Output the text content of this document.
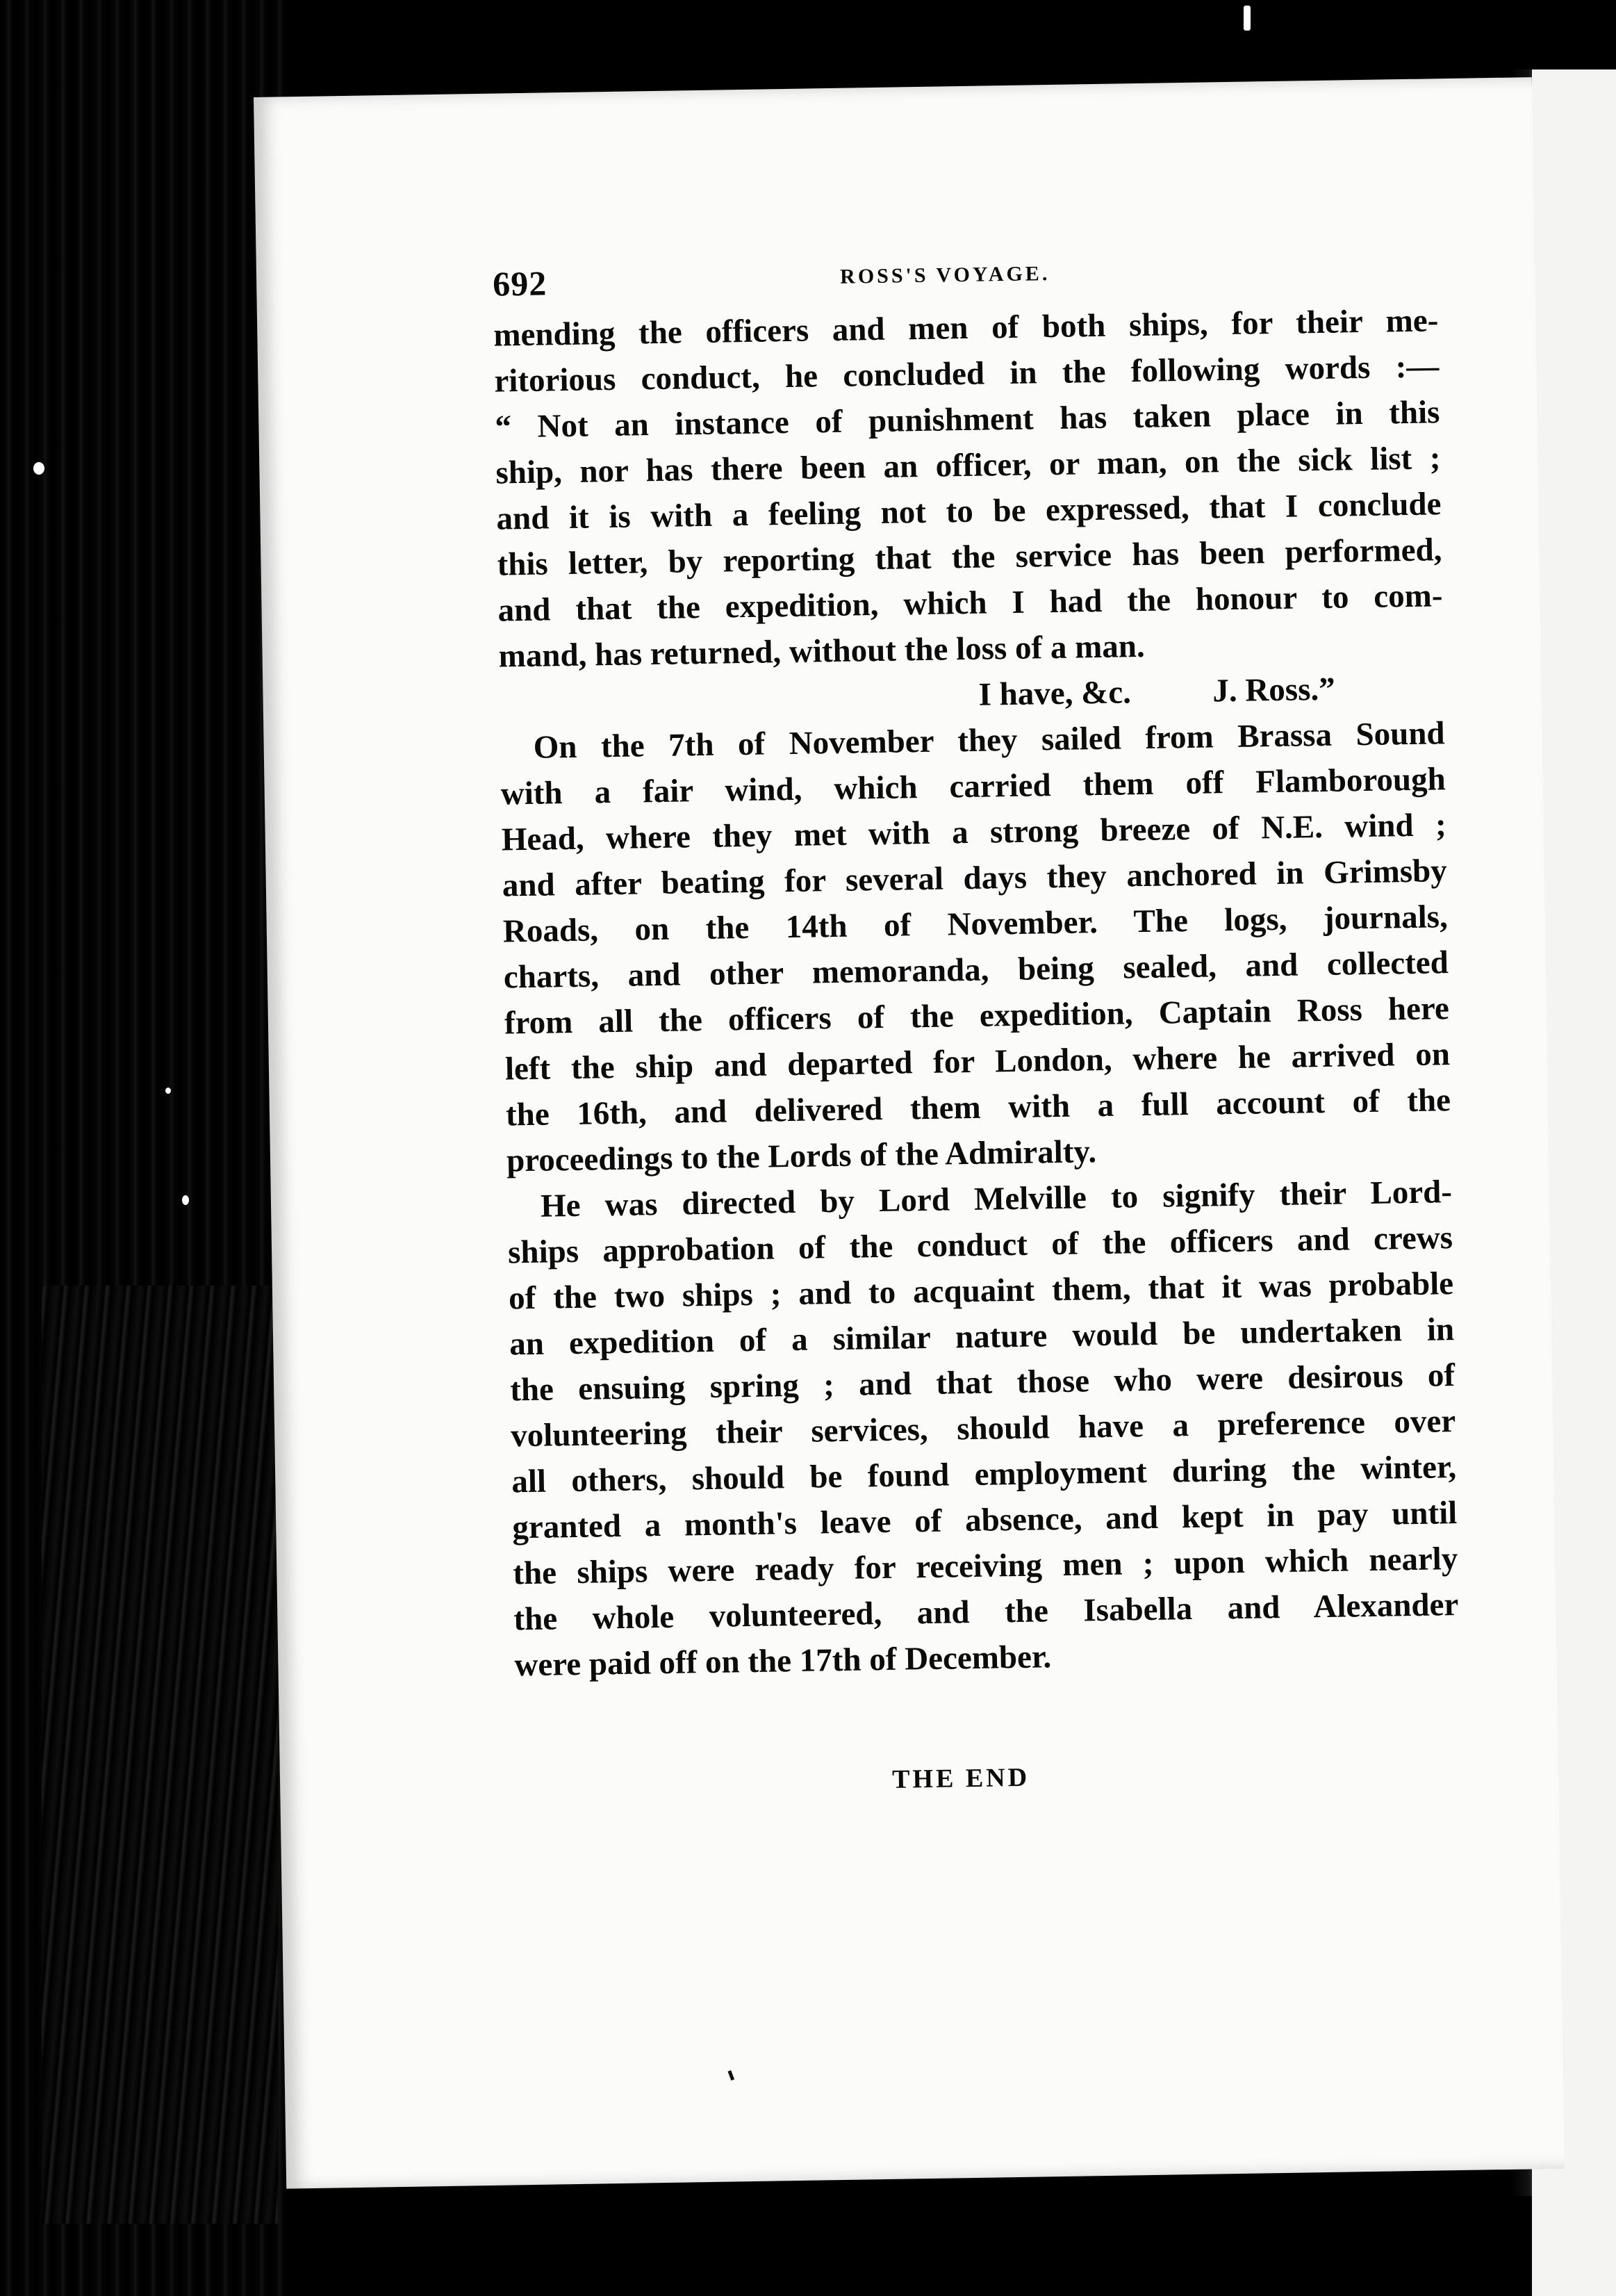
692	ROSS'S VOYAGE.
mending the officers and men of both ships, for their me-
ritorious conduct, he concluded in the following words :—
“ Not an instance of punishment has taken place in this
ship, nor has there been an officer, or man, on the sick list ;
and it is with a feeling not to be expressed, that I conclude
this letter, by reporting that the service has been performed,
and that the expedition, which I had the honour to com-
mand, has returned, without the loss of a man.
I have, &c.          J. Ross.”
On the 7th of November they sailed from Brassa Sound
with a fair wind, which carried them off Flamborough
Head, where they met with a strong breeze of N.E. wind ;
and after beating for several days they anchored in Grimsby
Roads, on the 14th of November. The logs, journals,
charts, and other memoranda, being sealed, and collected
from all the officers of the expedition, Captain Ross here
left the ship and departed for London, where he arrived on
the 16th, and delivered them with a full account of the
proceedings to the Lords of the Admiralty.
He was directed by Lord Melville to signify their Lord-
ships approbation of the conduct of the officers and crews
of the two ships ; and to acquaint them, that it was probable
an expedition of a similar nature would be undertaken in
the ensuing spring ; and that those who were desirous of
volunteering their services, should have a preference over
all others, should be found employment during the winter,
granted a month's leave of absence, and kept in pay until
the ships were ready for receiving men ; upon which nearly
the whole volunteered, and the Isabella and Alexander
were paid off on the 17th of December.
THE END
